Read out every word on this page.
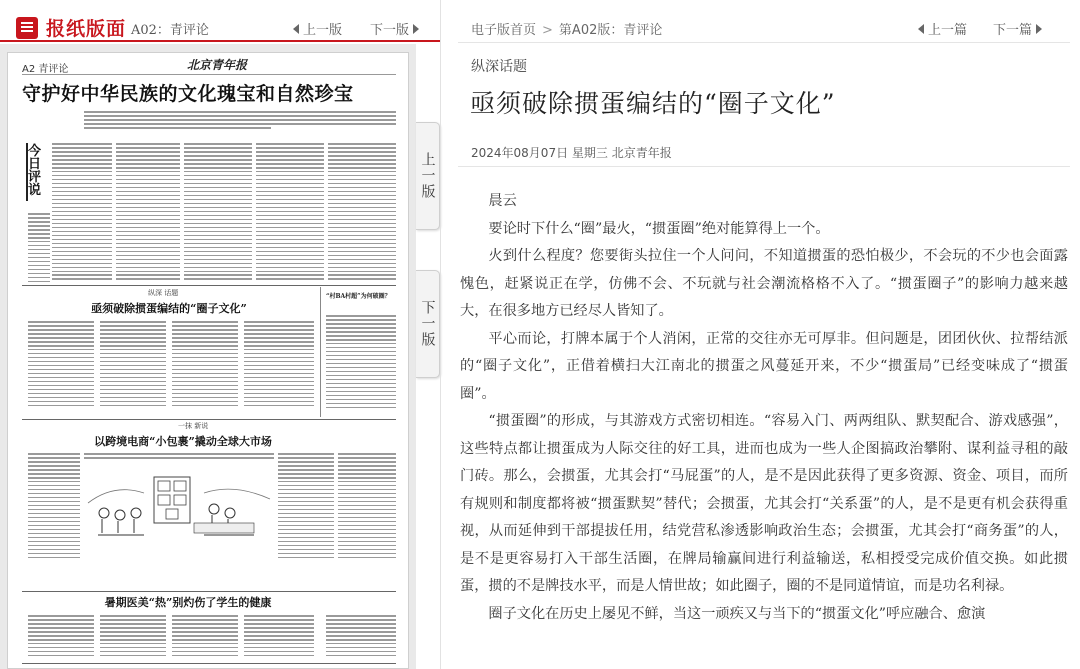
报纸版面 A02：青评论	上一版 下一版
A2 青评论	北京青年报
守护好中华民族的文化瑰宝和自然珍宝
今日评说
纵深 话题
亟须破除掼蛋编结的“圈子文化”
“村BA村超”为何破圈？
一抹 新说
以跨境电商“小包裹”撬动全球大市场
暑期医美“热”别灼伤了学生的健康
上一版
下一版
电子版首页 > 第A02版：青评论	上一篇 下一篇
纵深话题
亟须破除掼蛋编结的“圈子文化”
2024年08月07日 星期三 北京青年报

晨云

要论时下什么“圈”最火，“掼蛋圈”绝对能算得上一个。

火到什么程度？您要街头拉住一个人问问，不知道掼蛋的恐怕极少，不会玩的不少也会面露愧色，赶紧说正在学，仿佛不会、不玩就与社会潮流格格不入了。“掼蛋圈子”的影响力越来越大，在很多地方已经尽人皆知了。

平心而论，打牌本属于个人消闲，正常的交往亦无可厚非。但问题是，团团伙伙、拉帮结派的“圈子文化”，正借着横扫大江南北的掼蛋之风蔓延开来，不少“掼蛋局”已经变味成了“掼蛋圈”。

“掼蛋圈”的形成，与其游戏方式密切相连。“容易入门、两两组队、默契配合、游戏感强”，这些特点都让掼蛋成为人际交往的好工具，进而也成为一些人企图搞政治攀附、谋利益寻租的敲门砖。那么，会掼蛋，尤其会打“马屁蛋”的人，是不是因此获得了更多资源、资金、项目，而所有规则和制度都将被“掼蛋默契”替代；会掼蛋，尤其会打“关系蛋”的人，是不是更有机会获得重视，从而延伸到干部提拔任用，结党营私渗透影响政治生态；会掼蛋，尤其会打“商务蛋”的人，是不是更容易打入干部生活圈，在牌局输赢间进行利益输送，私相授受完成价值交换。如此掼蛋，掼的不是牌技水平，而是人情世故；如此圈子，圈的不是同道情谊，而是功名利禄。

圈子文化在历史上屡见不鲜，当这一顽疾又与当下的“掼蛋文化”呼应融合、愈演
